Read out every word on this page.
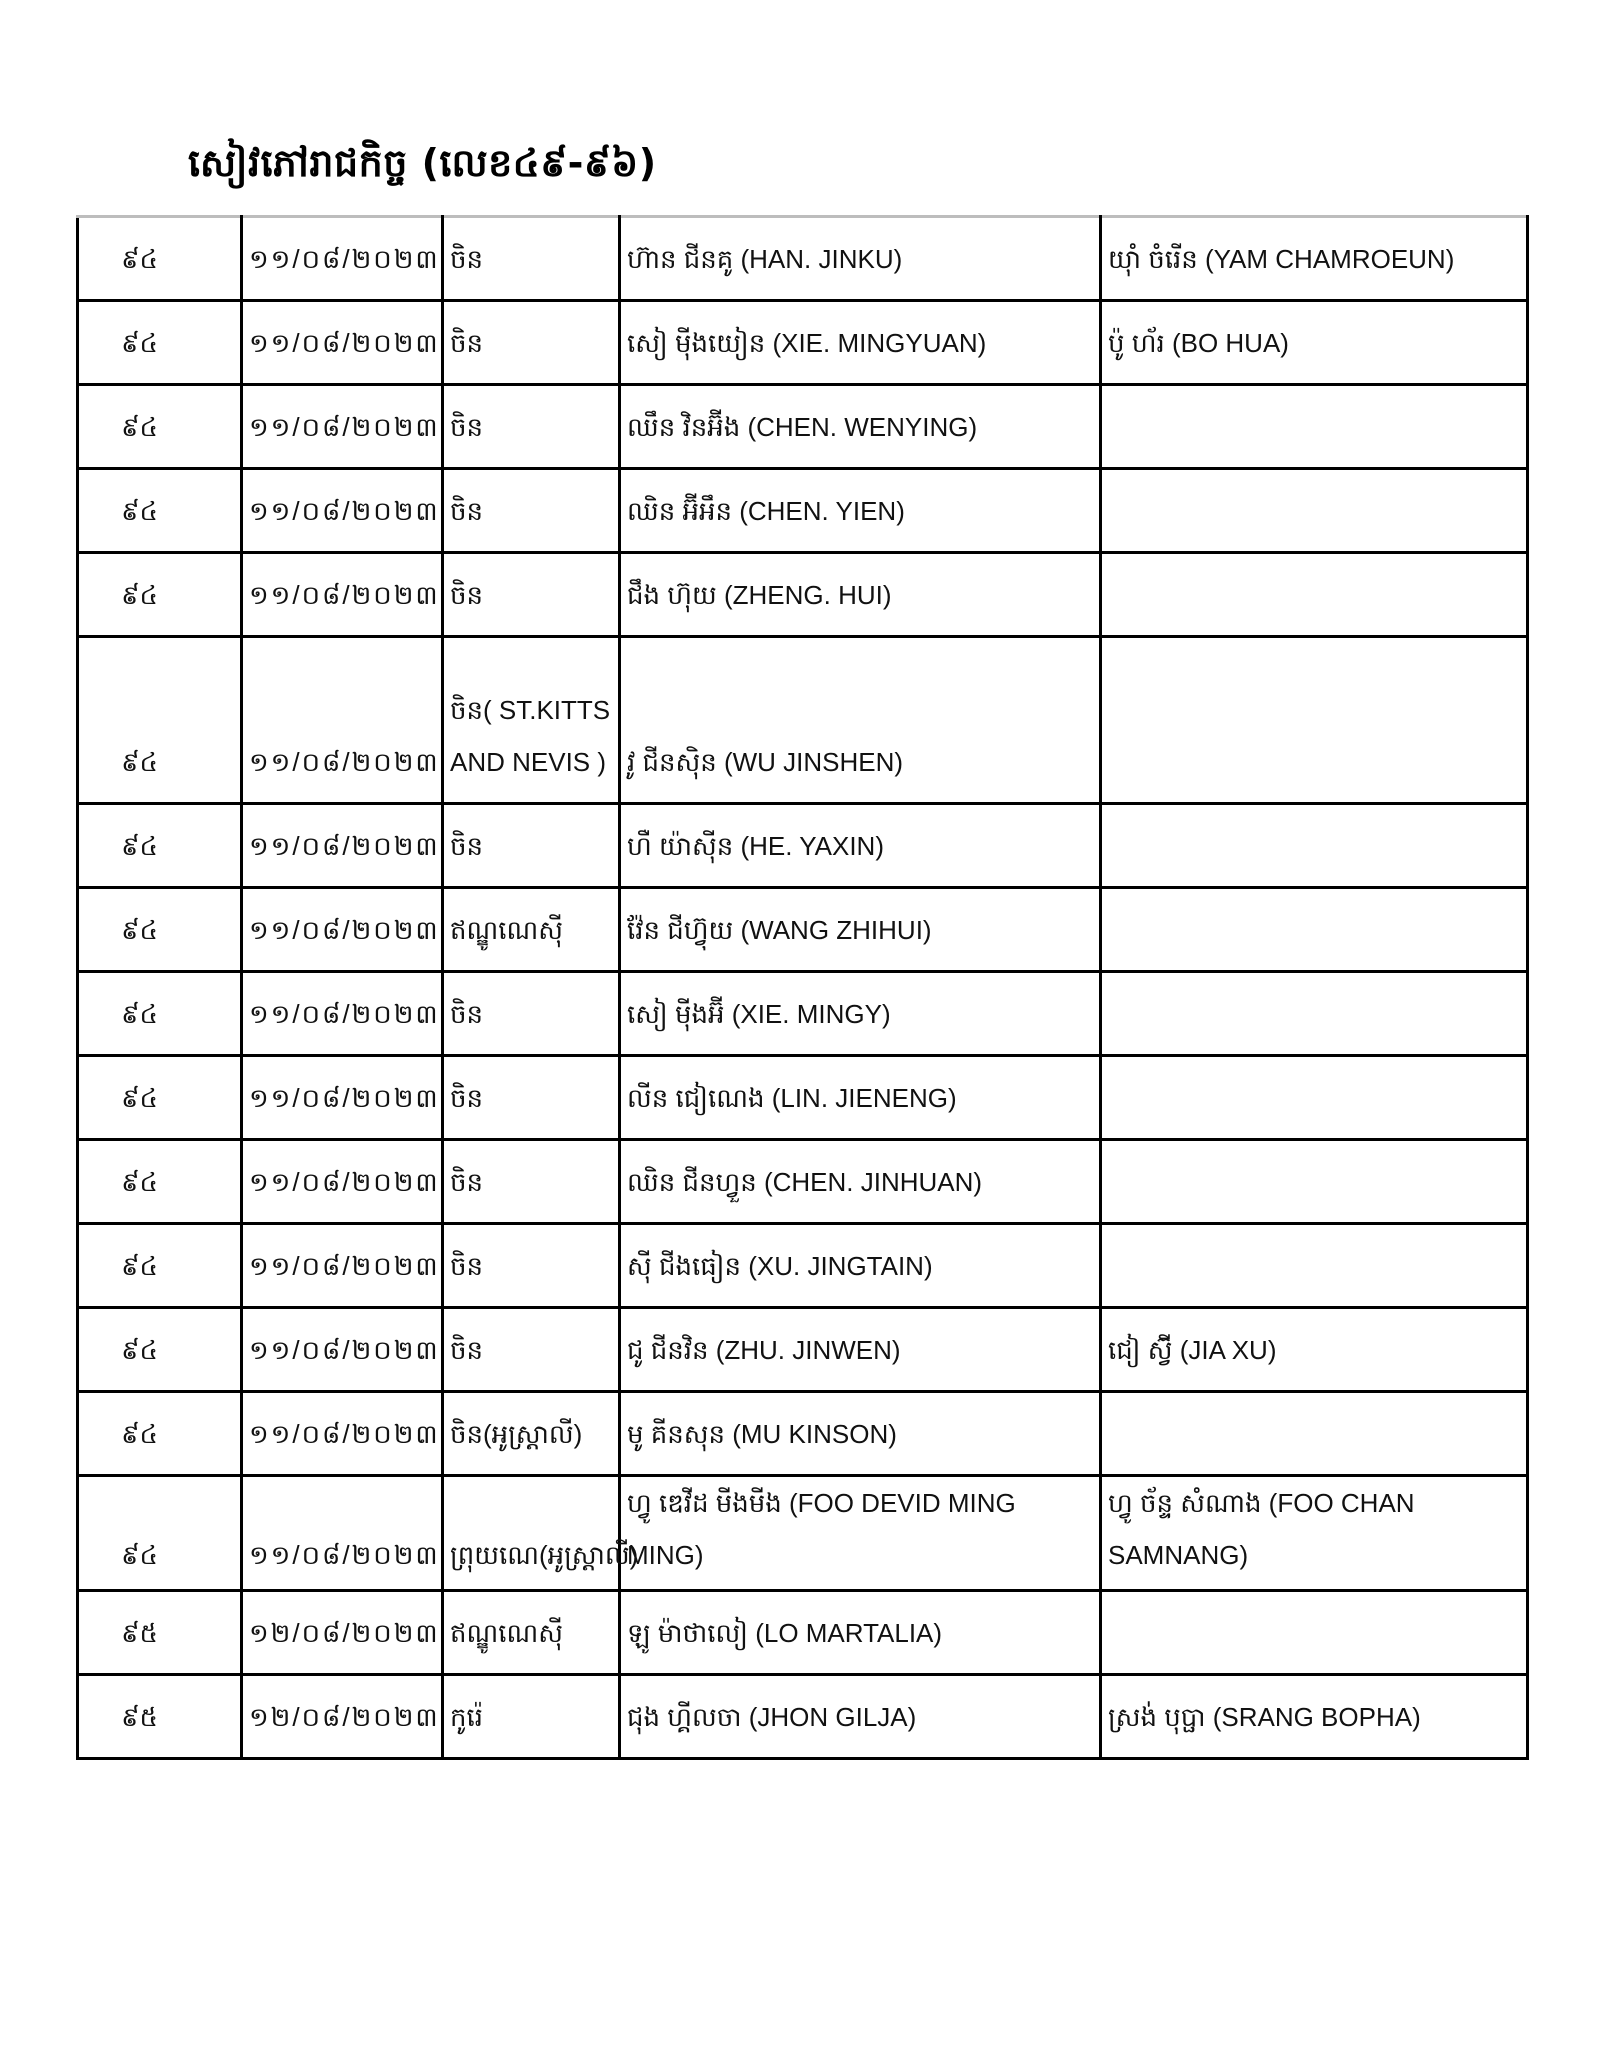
សៀវភៅរាជកិច្ច (លេខ៤៩-៩៦)
៩៤	១១/០៨/២០២៣	ចិន	ហ៊ាន ជីនគូ (HAN. JINKU)	យ៉ាំ ចំរើន (YAM CHAMROEUN)
៩៤	១១/០៨/២០២៣	ចិន	សៀ ម៉ីងយៀន (XIE. MINGYUAN)	ប៉ូ ហ័រ (BO HUA)
៩៤	១១/០៨/២០២៣	ចិន	ឈឹន វិនអ៊ីង (CHEN. WENYING)	
៩៤	១១/០៨/២០២៣	ចិន	ឈិន អ៊ីអឹន (CHEN. YIEN)	
៩៤	១១/០៨/២០២៣	ចិន	ជឹង ហ៊ុយ (ZHENG. HUI)	
៩៤	១១/០៨/២០២៣	ចិន( ST.KITTS AND NEVIS )	វូ ជីនស៊ិន (WU JINSHEN)	
៩៤	១១/០៨/២០២៣	ចិន	ហឺ យ៉ាស៊ីន (HE. YAXIN)	
៩៤	១១/០៨/២០២៣	ឥណ្ឌូណេស៊ី	វ៉ែន ជីហ៊្វុយ (WANG ZHIHUI)	
៩៤	១១/០៨/២០២៣	ចិន	សៀ ម៉ីងអ៊ី (XIE. MINGY)	
៩៤	១១/០៨/២០២៣	ចិន	លីន ជៀណេង (LIN. JIENENG)	
៩៤	១១/០៨/២០២៣	ចិន	ឈិន ជីនហ្វួន (CHEN. JINHUAN)	
៩៤	១១/០៨/២០២៣	ចិន	ស៊ី ជីងធៀន (XU. JINGTAIN)	
៩៤	១១/០៨/២០២៣	ចិន	ជូ ជីនវិន (ZHU. JINWEN)	ជៀ ស៊្វី (JIA XU)
៩៤	១១/០៨/២០២៣	ចិន(អូស្ត្រាលី)	មូ គីនសុន (MU KINSON)	
៩៤	១១/០៨/២០២៣	ព្រុយណេ(អូស្ត្រាលី)	ហ្វូ ឌេវីដ មីងមីង (FOO DEVID MING MING)	ហ្វូ ច័ន្ទ សំណាង (FOO CHAN SAMNANG)
៩៥	១២/០៨/២០២៣	ឥណ្ឌូណេស៊ី	ឡូ ម៉ាថាលៀ (LO MARTALIA)	
៩៥	១២/០៨/២០២៣	កូរ៉េ	ជុង ហ្គីលចា (JHON GILJA)	ស្រង់ បុប្ផា (SRANG BOPHA)
